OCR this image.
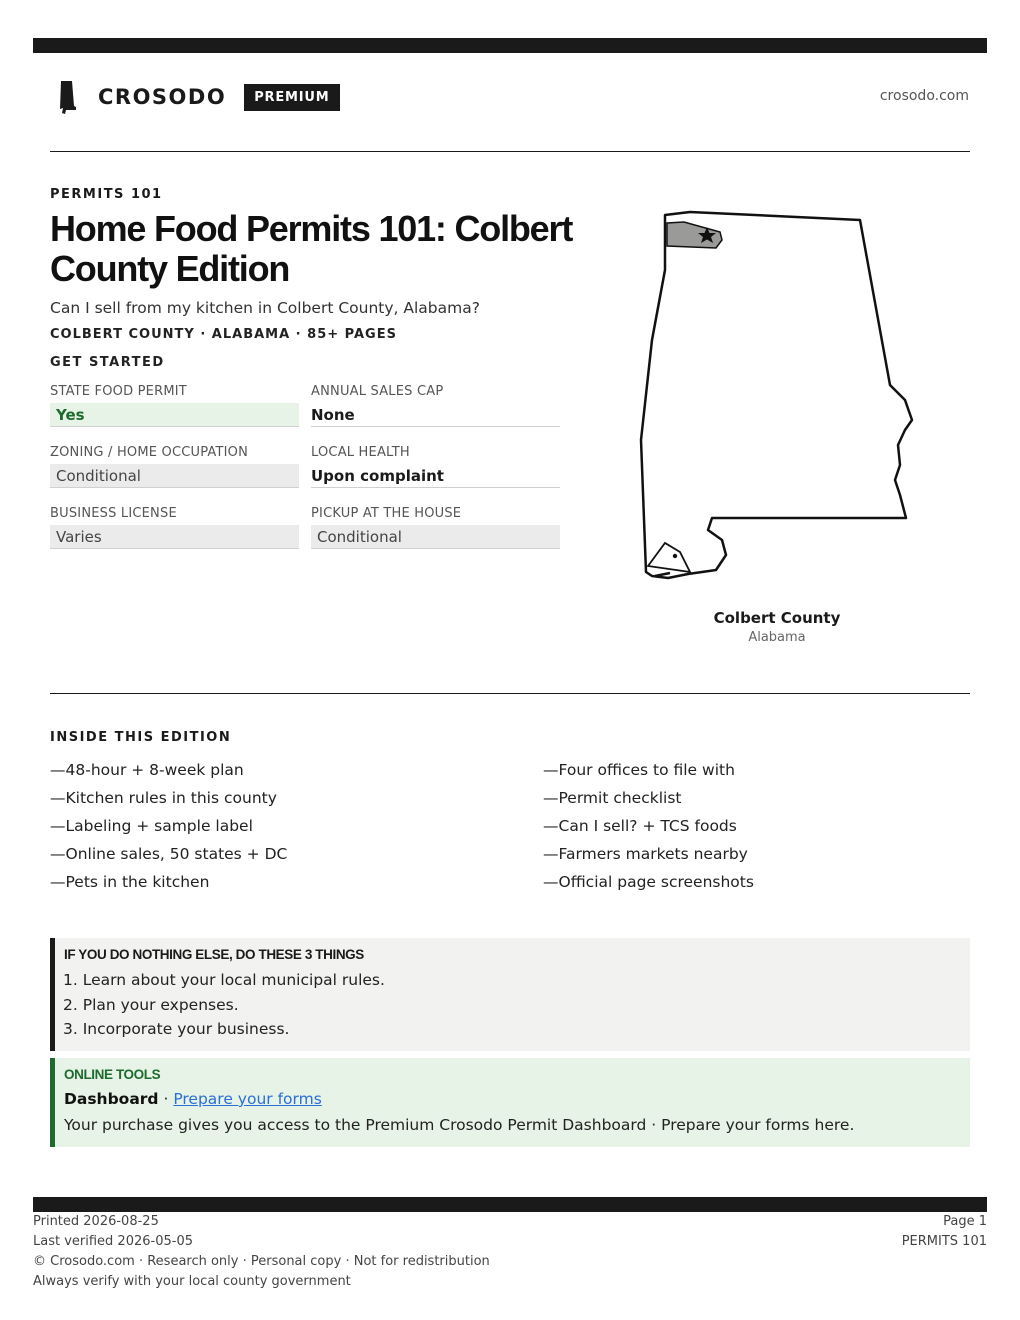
CROSODO	PREMIUM	crosodo.com
PERMITS 101
Home Food Permits 101: Colbert County Edition
Can I sell from my kitchen in Colbert County, Alabama?
COLBERT COUNTY · ALABAMA · 85+ PAGES
GET STARTED
STATE FOOD PERMIT
Yes
ANNUAL SALES CAP
None
ZONING / HOME OCCUPATION
Conditional
LOCAL HEALTH
Upon complaint
BUSINESS LICENSE
Varies
PICKUP AT THE HOUSE
Conditional
Colbert County
Alabama
INSIDE THIS EDITION
—48-hour + 8-week plan
—Kitchen rules in this county
—Labeling + sample label
—Online sales, 50 states + DC
—Pets in the kitchen
—Four offices to file with
—Permit checklist
—Can I sell? + TCS foods
—Farmers markets nearby
—Official page screenshots
IF YOU DO NOTHING ELSE, DO THESE 3 THINGS
1. Learn about your local municipal rules.
2. Plan your expenses.
3. Incorporate your business.
ONLINE TOOLS
Dashboard · Prepare your forms
Your purchase gives you access to the Premium Crosodo Permit Dashboard · Prepare your forms here.
Printed 2026-08-25
Last verified 2026-05-05
© Crosodo.com · Research only · Personal copy · Not for redistribution
Always verify with your local county government
Page 1
PERMITS 101
